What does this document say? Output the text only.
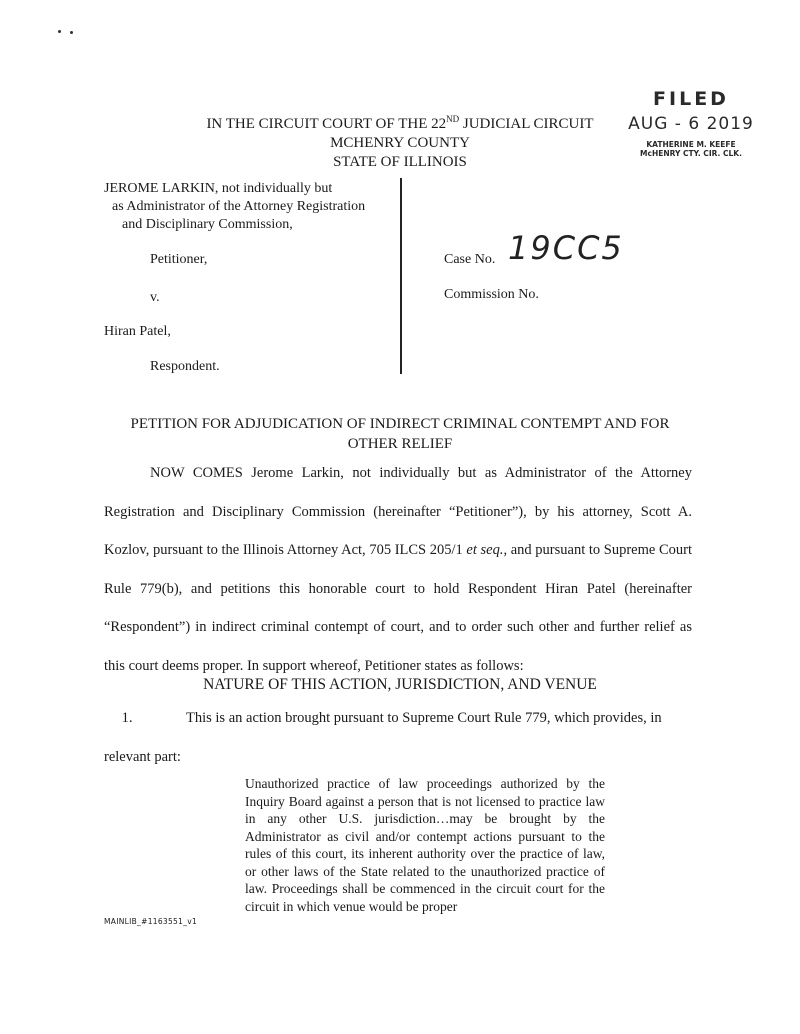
IN THE CIRCUIT COURT OF THE 22ND JUDICIAL CIRCUIT
MCHENRY COUNTY
STATE OF ILLINOIS
FILED
AUG - 6 2019
KATHERINE M. KEEFE
McHENRY CTY. CIR. CLK.
JEROME LARKIN, not individually but
as Administrator of the Attorney Registration
and Disciplinary Commission,
Petitioner,
v.
Hiran Patel,
Respondent.
Case No. 19CC5
Commission No.
PETITION FOR ADJUDICATION OF INDIRECT CRIMINAL CONTEMPT AND FOR
OTHER RELIEF

NOW COMES Jerome Larkin, not individually but as Administrator of the Attorney Registration and Disciplinary Commission (hereinafter “Petitioner”), by his attorney, Scott A. Kozlov, pursuant to the Illinois Attorney Act, 705 ILCS 205/1 et seq., and pursuant to Supreme Court Rule 779(b), and petitions this honorable court to hold Respondent Hiran Patel (hereinafter “Respondent”) in indirect criminal contempt of court, and to order such other and further relief as this court deems proper. In support whereof, Petitioner states as follows:

NATURE OF THIS ACTION, JURISDICTION, AND VENUE

1.	This is an action brought pursuant to Supreme Court Rule 779, which provides, in

relevant part:

Unauthorized practice of law proceedings authorized by the Inquiry Board against a person that is not licensed to practice law in any other U.S. jurisdiction…may be brought by the Administrator as civil and/or contempt actions pursuant to the rules of this court, its inherent authority over the practice of law, or other laws of the State related to the unauthorized practice of law. Proceedings shall be commenced in the circuit court for the circuit in which venue would be proper
MAINLIB_#1163551_v1
